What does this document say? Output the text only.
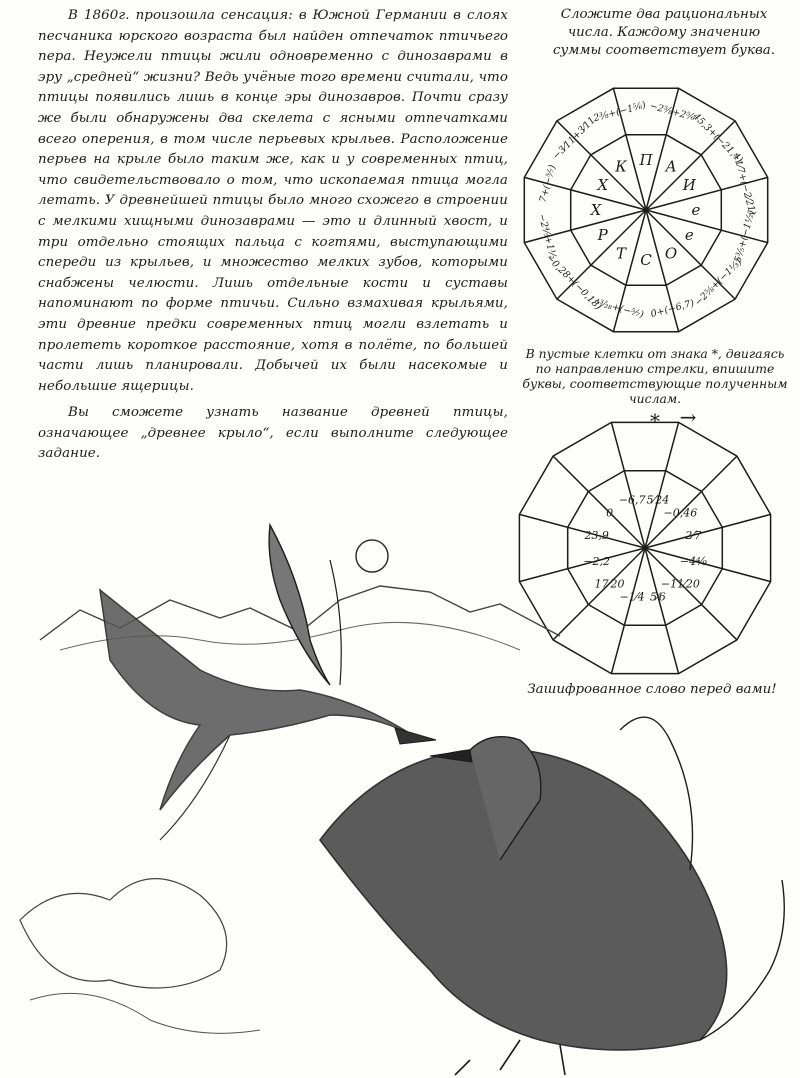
В 1860г. произошла сенсация: в Южной Германии в слоях песчаника юрского возраста был найден отпечаток птичьего пера. Неужели птицы жили одновременно с динозаврами в эру „средней“ жизни? Ведь учёные того времени считали, что птицы появились лишь в конце эры динозавров. Почти сразу же были обнаружены два скелета с ясными отпечатками всего оперения, в том числе перьевых крыльев. Расположение перьев на крыле было таким же, как и у современных птиц, что свидетельствовало о том, что ископаемая птица могла летать. У древнейшей птицы было много схожего в строении с мелкими хищными динозаврами — это и длинный хвост, и три отдельно стоящих пальца с когтями, выступающими спереди из крыльев, и множество мелких зубов, которыми снабжены челюсти. Лишь отдельные кости и суставы напоминают по форме птичьи. Сильно взмахивая крыльями, эти древние предки современных птиц могли взлетать и пролететь короткое расстояние, хотя в полёте, по большей части лишь планировали. Добычей их были насекомые и небольшие ящерицы.

Вы сможете узнать название древней птицы, означающее „древнее крыло“, если выполните следующее задание.

Сложите два рациональных числа. Каждому значению суммы соответствует буква.
П А
И
е
е
О
С
Т
Р
Х
Х
К
−2⁵⁄₈+2⁵⁄₆
45,3+(−21,4)
−1⁄7+(−2⁄21)
5³⁄₅+(−1¹⁄₂)
−2⁵⁄₈+(−1¹⁄₃)
0+(−6,7)
¹³⁄₂₈+(−⁵⁄₇)
−0,28+(−0,18)
−2⁴⁄₅+1¹⁄₂
7+(−⁵⁄₇)
−3⁄11+3⁄11
2³⁄₈+(−1⁵⁄₆)
В пустые клетки от знака *, двигаясь по направлению стрелки, впишите буквы, соответствующие полученным числам.
5⁄24
−0,46
2⁄7
−4⁴⁄₉
−11⁄20
5⁄6
−1⁄4
17⁄20
−2,2
23,9
0
−6,7
* →
Зашифрованное слово перед вами!
